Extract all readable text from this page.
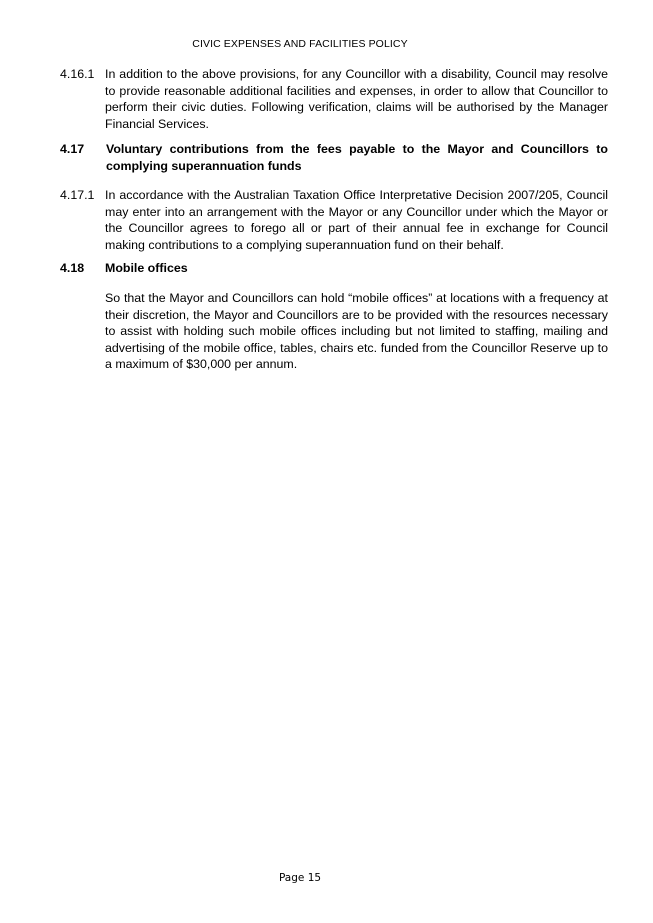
CIVIC EXPENSES AND FACILITIES POLICY
4.16.1 In addition to the above provisions, for any Councillor with a disability, Council may resolve to provide reasonable additional facilities and expenses, in order to allow that Councillor to perform their civic duties. Following verification, claims will be authorised by the Manager Financial Services.
4.17	Voluntary contributions from the fees payable to the Mayor and Councillors to complying superannuation funds
4.17.1 In accordance with the Australian Taxation Office Interpretative Decision 2007/205, Council may enter into an arrangement with the Mayor or any Councillor under which the Mayor or the Councillor agrees to forego all or part of their annual fee in exchange for Council making contributions to a complying superannuation fund on their behalf.
4.18	Mobile offices
So that the Mayor and Councillors can hold “mobile offices” at locations with a frequency at their discretion, the Mayor and Councillors are to be provided with the resources necessary to assist with holding such mobile offices including but not limited to staffing, mailing and advertising of the mobile office, tables, chairs etc. funded from the Councillor Reserve up to a maximum of $30,000 per annum.
Page 15
